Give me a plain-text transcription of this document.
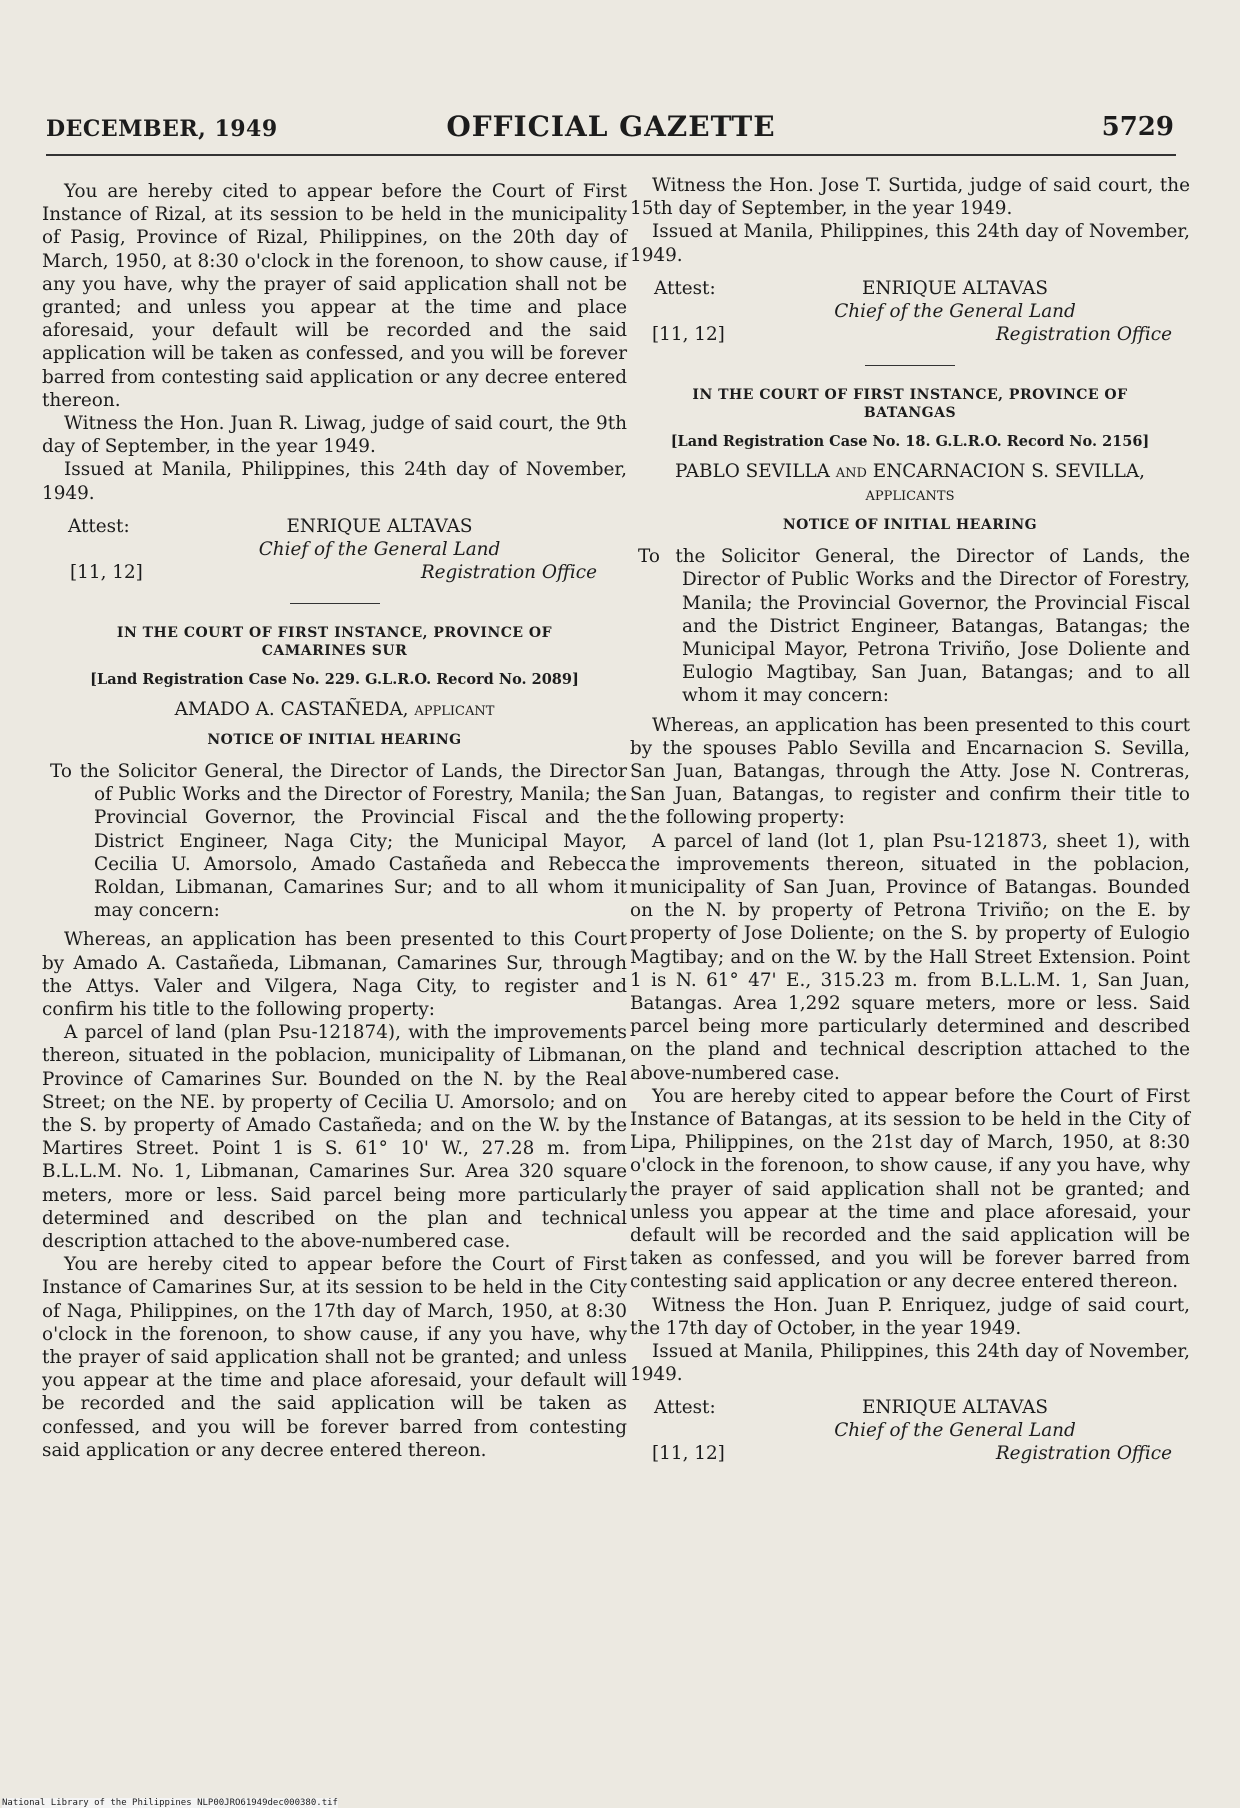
DECEMBER, 1949	OFFICIAL GAZETTE	5729

You are hereby cited to appear before the Court of First Instance of Rizal, at its session to be held in the municipality of Pasig, Province of Rizal, Philippines, on the 20th day of March, 1950, at 8:30 o'clock in the forenoon, to show cause, if any you have, why the prayer of said application shall not be granted; and unless you appear at the time and place aforesaid, your default will be recorded and the said application will be taken as confessed, and you will be forever barred from contesting said application or any decree entered thereon.

Witness the Hon. Juan R. Liwag, judge of said court, the 9th day of September, in the year 1949.

Issued at Manila, Philippines, this 24th day of November, 1949.

Attest:	ENRIQUE ALTAVAS
Chief of the General Land
[11, 12]	Registration Office

IN THE COURT OF FIRST INSTANCE, PROVINCE OF CAMARINES SUR

[Land Registration Case No. 229. G.L.R.O. Record No. 2089]

AMADO A. CASTAÑEDA, applicant

NOTICE OF INITIAL HEARING

To the Solicitor General, the Director of Lands, the Director of Public Works and the Director of Forestry, Manila; the Provincial Governor, the Provincial Fiscal and the District Engineer, Naga City; the Municipal Mayor, Cecilia U. Amorsolo, Amado Castañeda and Rebecca Roldan, Libmanan, Camarines Sur; and to all whom it may concern:

Whereas, an application has been presented to this Court by Amado A. Castañeda, Libmanan, Camarines Sur, through the Attys. Valer and Vilgera, Naga City, to register and confirm his title to the following property:

A parcel of land (plan Psu-121874), with the improvements thereon, situated in the poblacion, municipality of Libmanan, Province of Camarines Sur. Bounded on the N. by the Real Street; on the NE. by property of Cecilia U. Amorsolo; and on the S. by property of Amado Castañeda; and on the W. by the Martires Street. Point 1 is S. 61° 10' W., 27.28 m. from B.L.L.M. No. 1, Libmanan, Camarines Sur. Area 320 square meters, more or less. Said parcel being more particularly determined and described on the plan and technical description attached to the above-numbered case.

You are hereby cited to appear before the Court of First Instance of Camarines Sur, at its session to be held in the City of Naga, Philippines, on the 17th day of March, 1950, at 8:30 o'clock in the forenoon, to show cause, if any you have, why the prayer of said application shall not be granted; and unless you appear at the time and place aforesaid, your default will be recorded and the said application will be taken as confessed, and you will be forever barred from contesting said application or any decree entered thereon.

Witness the Hon. Jose T. Surtida, judge of said court, the 15th day of September, in the year 1949.

Issued at Manila, Philippines, this 24th day of November, 1949.

Attest:	ENRIQUE ALTAVAS
Chief of the General Land
[11, 12]	Registration Office

IN THE COURT OF FIRST INSTANCE, PROVINCE OF BATANGAS

[Land Registration Case No. 18. G.L.R.O. Record No. 2156]

PABLO SEVILLA and ENCARNACION S. SEVILLA, applicants

NOTICE OF INITIAL HEARING

To the Solicitor General, the Director of Lands, the Director of Public Works and the Director of Forestry, Manila; the Provincial Governor, the Provincial Fiscal and the District Engineer, Batangas, Batangas; the Municipal Mayor, Petrona Triviño, Jose Doliente and Eulogio Magtibay, San Juan, Batangas; and to all whom it may concern:

Whereas, an application has been presented to this court by the spouses Pablo Sevilla and Encarnacion S. Sevilla, San Juan, Batangas, through the Atty. Jose N. Contreras, San Juan, Batangas, to register and confirm their title to the following property:

A parcel of land (lot 1, plan Psu-121873, sheet 1), with the improvements thereon, situated in the poblacion, municipality of San Juan, Province of Batangas. Bounded on the N. by property of Petrona Triviño; on the E. by property of Jose Doliente; on the S. by property of Eulogio Magtibay; and on the W. by the Hall Street Extension. Point 1 is N. 61° 47' E., 315.23 m. from B.L.L.M. 1, San Juan, Batangas. Area 1,292 square meters, more or less. Said parcel being more particularly determined and described on the pland and technical description attached to the above-numbered case.

You are hereby cited to appear before the Court of First Instance of Batangas, at its session to be held in the City of Lipa, Philippines, on the 21st day of March, 1950, at 8:30 o'clock in the forenoon, to show cause, if any you have, why the prayer of said application shall not be granted; and unless you appear at the time and place aforesaid, your default will be recorded and the said application will be taken as confessed, and you will be forever barred from contesting said application or any decree entered thereon.

Witness the Hon. Juan P. Enriquez, judge of said court, the 17th day of October, in the year 1949.

Issued at Manila, Philippines, this 24th day of November, 1949.

Attest:	ENRIQUE ALTAVAS
Chief of the General Land
[11, 12]	Registration Office
National Library of the Philippines NLP00JRO61949dec000380.tif
